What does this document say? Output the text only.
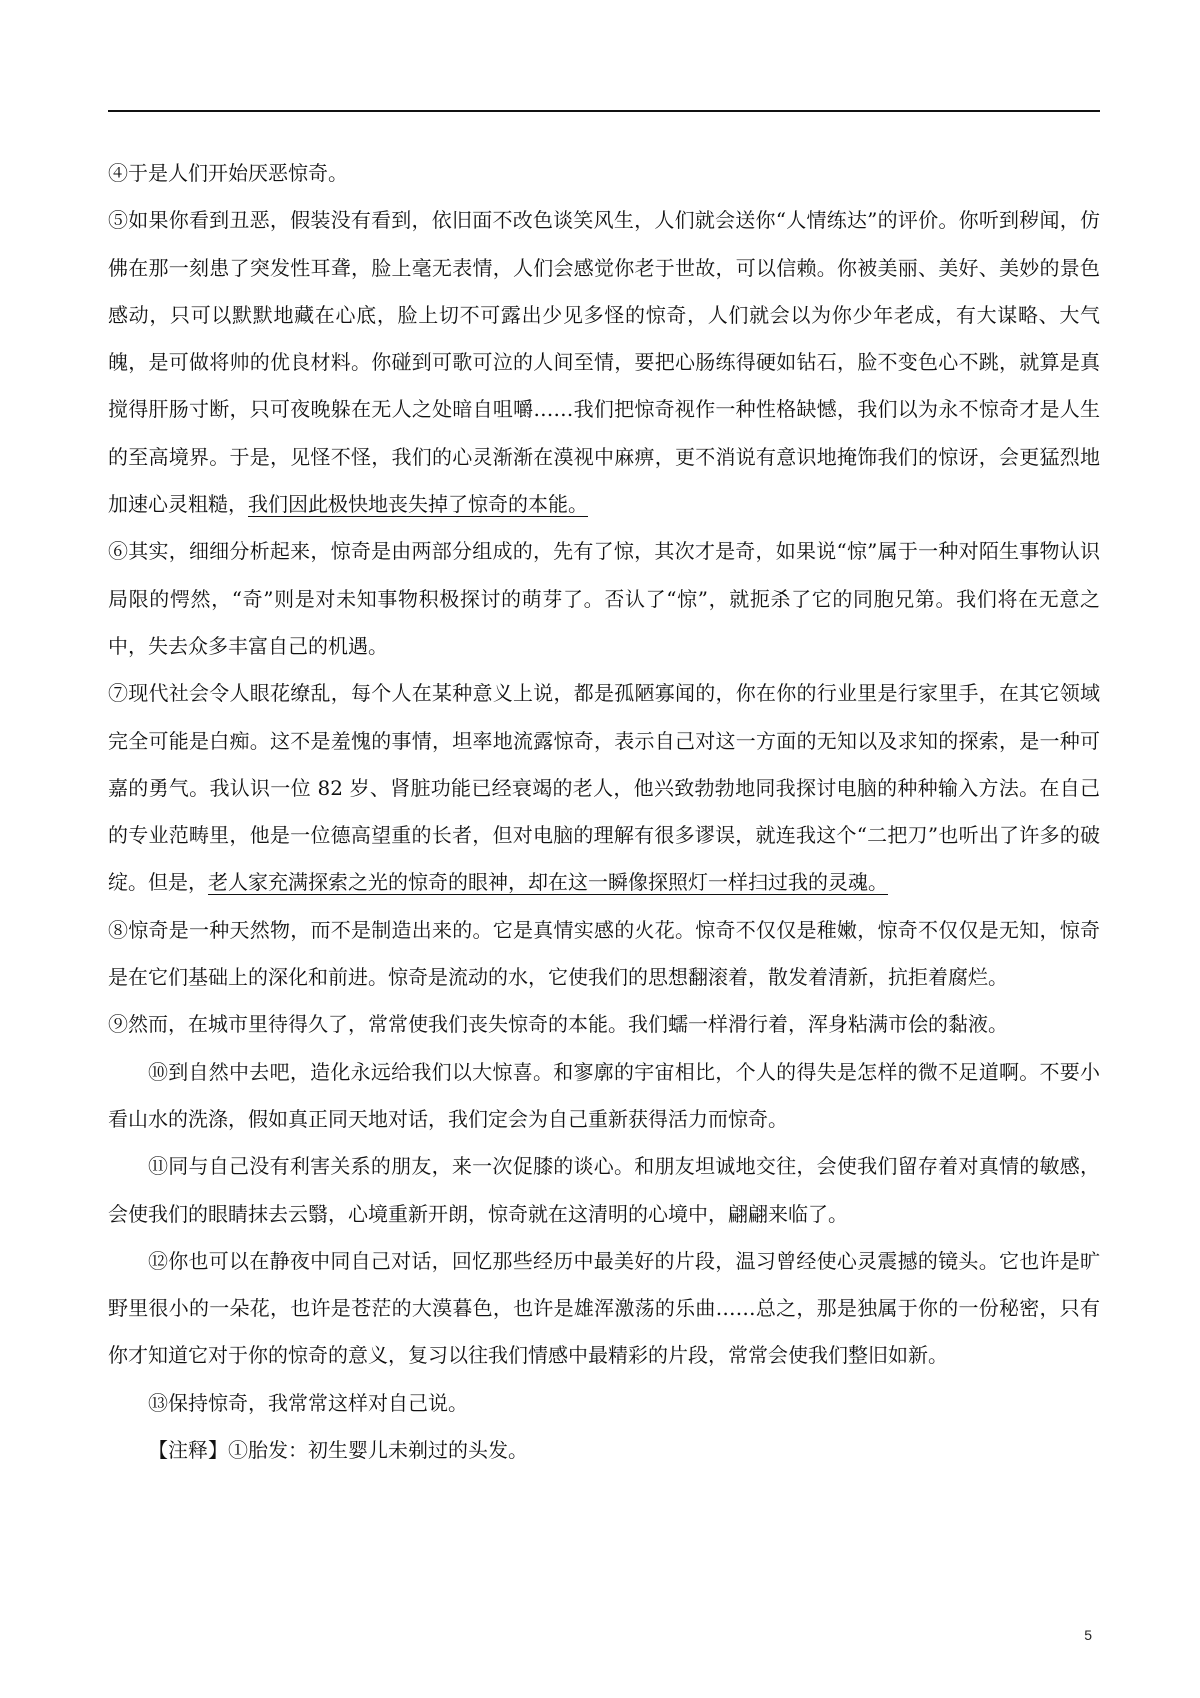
④于是人们开始厌恶惊奇。

⑤如果你看到丑恶，假装没有看到，依旧面不改色谈笑风生，人们就会送你“人情练达”的评价。你听到秽闻，仿佛在那一刻患了突发性耳聋，脸上毫无表情，人们会感觉你老于世故，可以信赖。你被美丽、美好、美妙的景色感动，只可以默默地藏在心底，脸上切不可露出少见多怪的惊奇，人们就会以为你少年老成，有大谋略、大气魄，是可做将帅的优良材料。你碰到可歌可泣的人间至情，要把心肠练得硬如钻石，脸不变色心不跳，就算是真搅得肝肠寸断，只可夜晚躲在无人之处暗自咀嚼……我们把惊奇视作一种性格缺憾，我们以为永不惊奇才是人生的至高境界。于是，见怪不怪，我们的心灵渐渐在漠视中麻痹，更不消说有意识地掩饰我们的惊讶，会更猛烈地加速心灵粗糙，我们因此极快地丧失掉了惊奇的本能。

⑥其实，细细分析起来，惊奇是由两部分组成的，先有了惊，其次才是奇，如果说“惊”属于一种对陌生事物认识局限的愕然，“奇”则是对未知事物积极探讨的萌芽了。否认了“惊”，就扼杀了它的同胞兄第。我们将在无意之中，失去众多丰富自己的机遇。

⑦现代社会令人眼花缭乱，每个人在某种意义上说，都是孤陋寡闻的，你在你的行业里是行家里手，在其它领域完全可能是白痴。这不是羞愧的事情，坦率地流露惊奇，表示自己对这一方面的无知以及求知的探索，是一种可嘉的勇气。我认识一位 82 岁、肾脏功能已经衰竭的老人，他兴致勃勃地同我探讨电脑的种种输入方法。在自己的专业范畴里，他是一位德高望重的长者，但对电脑的理解有很多谬误，就连我这个“二把刀”也听出了许多的破绽。但是，老人家充满探索之光的惊奇的眼神，却在这一瞬像探照灯一样扫过我的灵魂。

⑧惊奇是一种天然物，而不是制造出来的。它是真情实感的火花。惊奇不仅仅是稚嫩，惊奇不仅仅是无知，惊奇是在它们基础上的深化和前进。惊奇是流动的水，它使我们的思想翻滚着，散发着清新，抗拒着腐烂。

⑨然而，在城市里待得久了，常常使我们丧失惊奇的本能。我们蠕一样滑行着，浑身粘满市侩的黏液。

⑩到自然中去吧，造化永远给我们以大惊喜。和寥廓的宇宙相比，个人的得失是怎样的微不足道啊。不要小看山水的洗涤，假如真正同天地对话，我们定会为自己重新获得活力而惊奇。

⑪同与自己没有利害关系的朋友，来一次促膝的谈心。和朋友坦诚地交往，会使我们留存着对真情的敏感，会使我们的眼睛抹去云翳，心境重新开朗，惊奇就在这清明的心境中，翩翩来临了。

⑫你也可以在静夜中同自己对话，回忆那些经历中最美好的片段，温习曾经使心灵震撼的镜头。它也许是旷野里很小的一朵花，也许是苍茫的大漠暮色，也许是雄浑激荡的乐曲……总之，那是独属于你的一份秘密，只有你才知道它对于你的惊奇的意义，复习以往我们情感中最精彩的片段，常常会使我们整旧如新。

⑬保持惊奇，我常常这样对自己说。

【注释】①胎发：初生婴儿未剃过的头发。

5
